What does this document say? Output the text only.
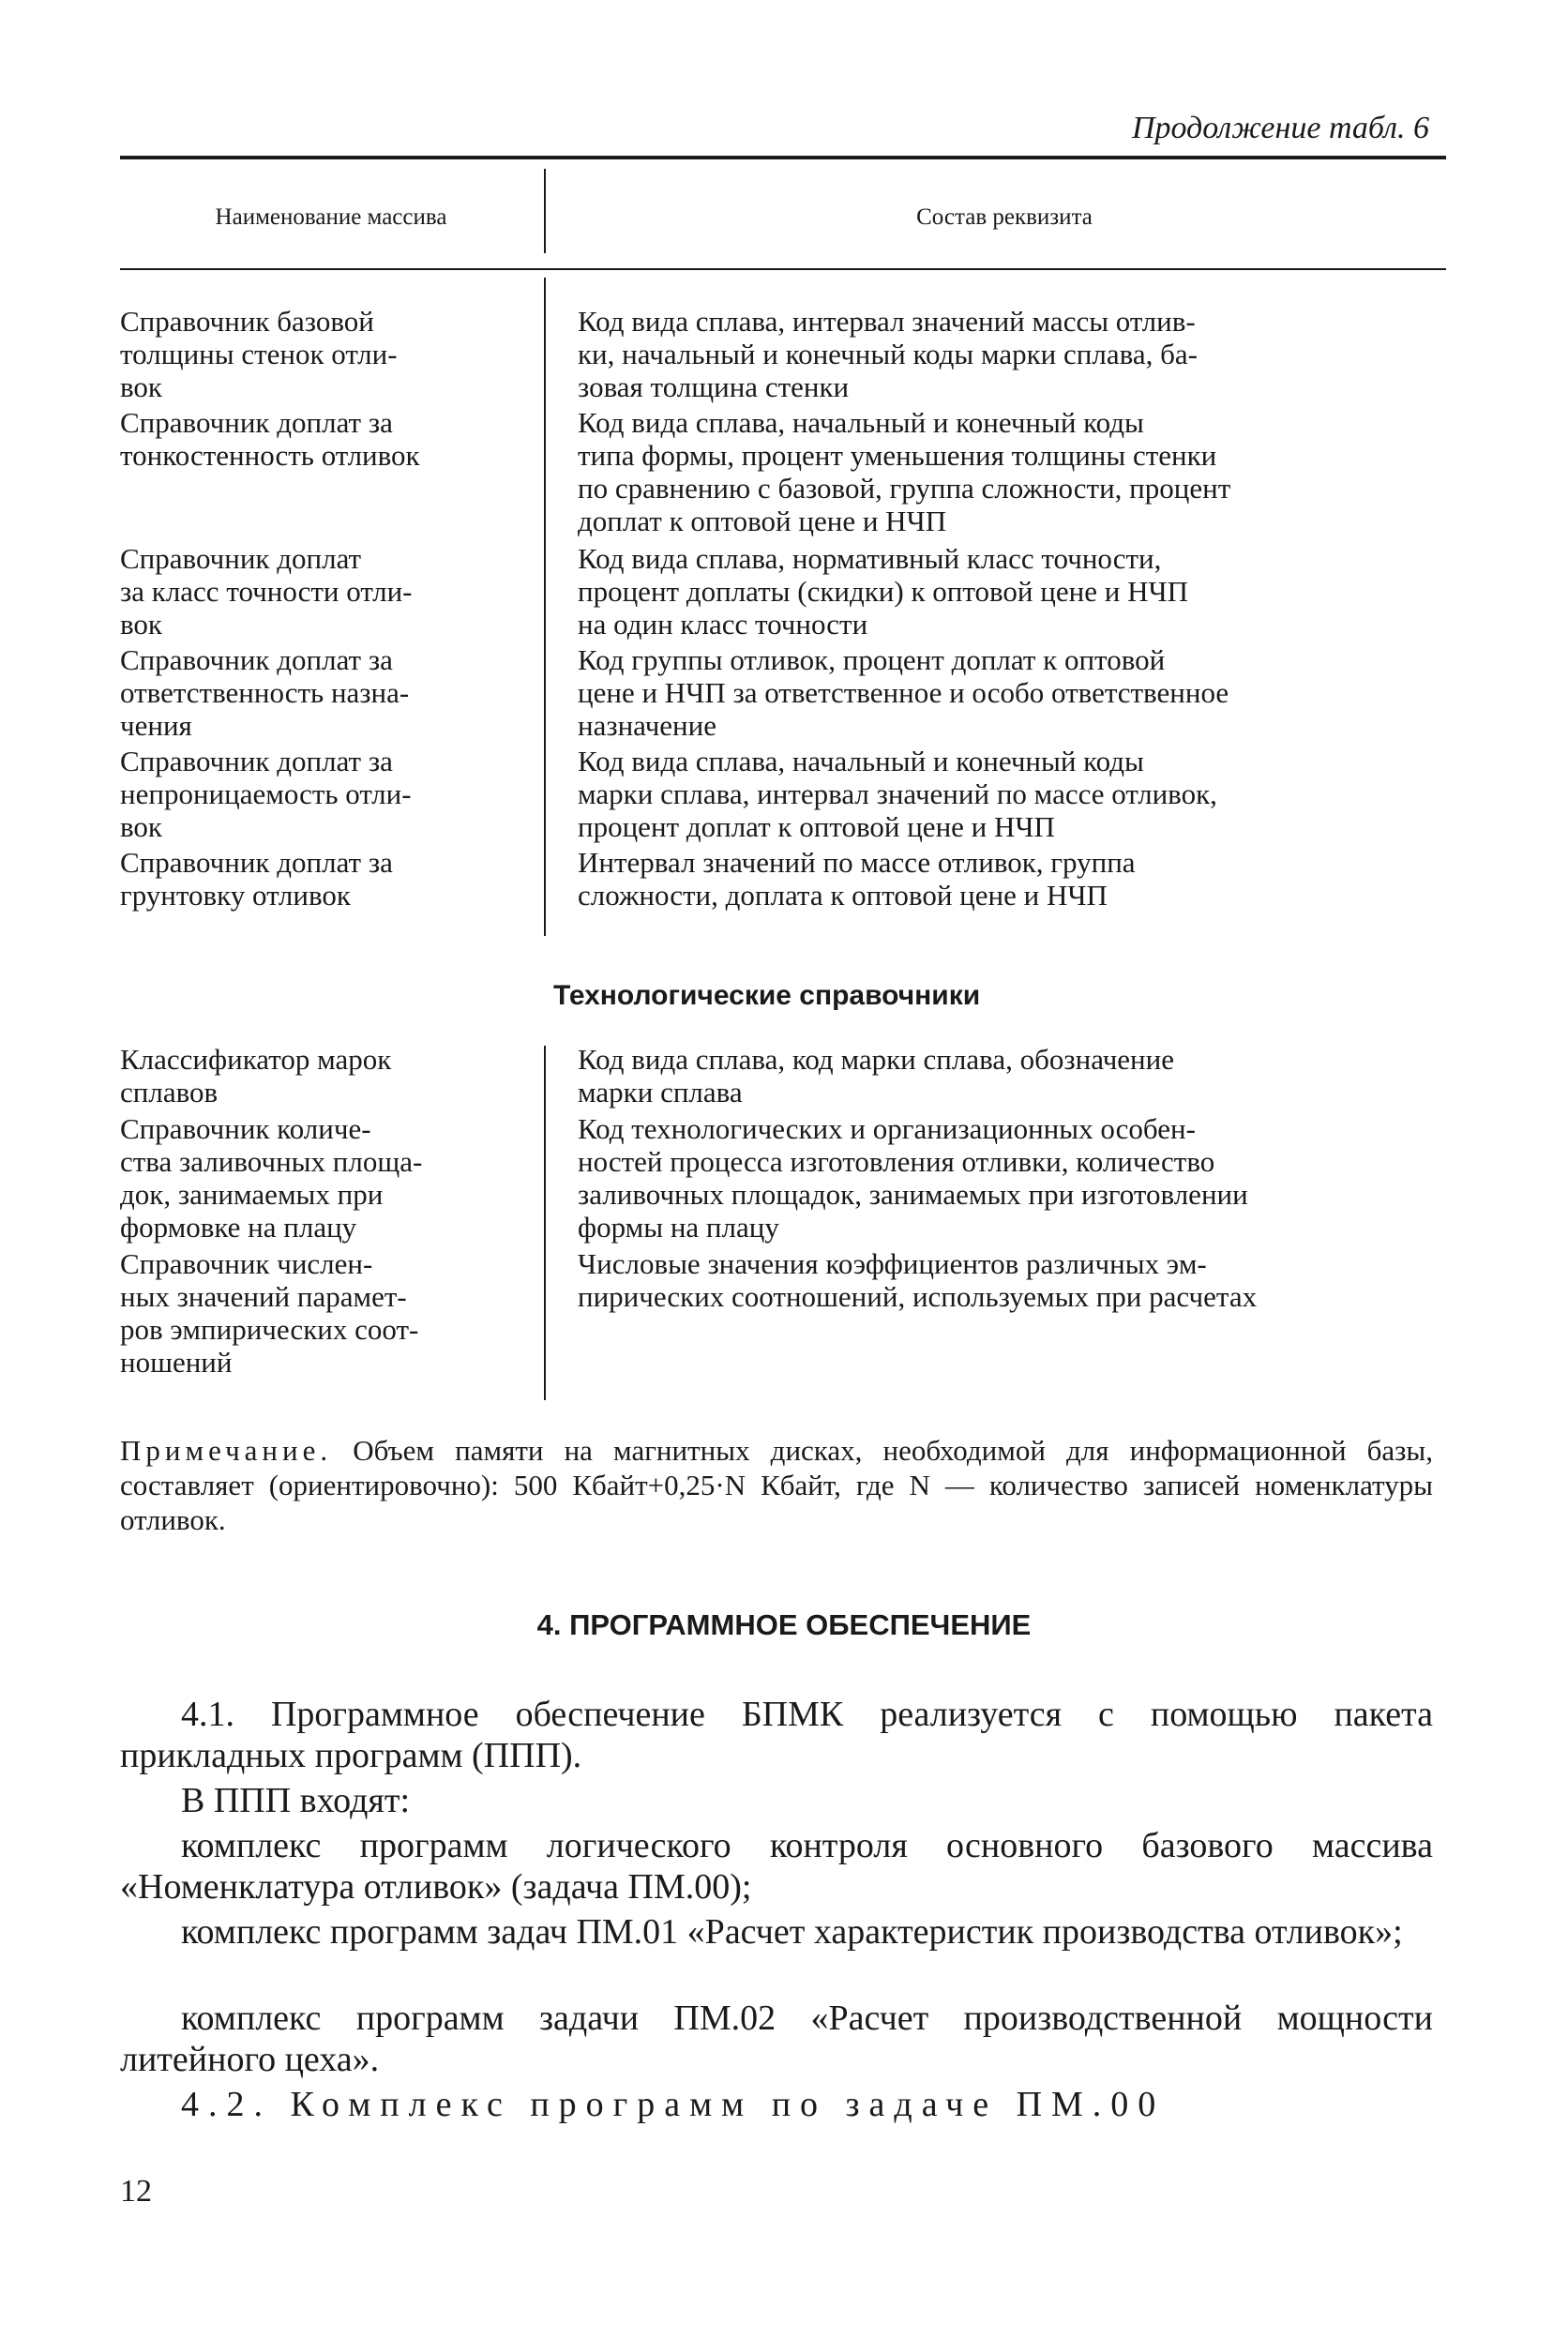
Продолжение табл. 6
Наименование массива	Состав реквизита
Справочник базовой
толщины стенок отли-
вок
Код вида сплава, интервал значений массы отлив-
ки, начальный и конечный коды марки сплава, ба-
зовая толщина стенки
Справочник доплат за
тонкостенность отливок
Код вида сплава, начальный и конечный коды
типа формы, процент уменьшения толщины стенки
по сравнению с базовой, группа сложности, процент
доплат к оптовой цене и НЧП
Справочник доплат
за класс точности отли-
вок
Код вида сплава, нормативный класс точности,
процент доплаты (скидки) к оптовой цене и НЧП
на один класс точности
Справочник доплат за
ответственность назна-
чения
Код группы отливок, процент доплат к оптовой
цене и НЧП за ответственное и особо ответственное
назначение
Справочник доплат за
непроницаемость отли-
вок
Код вида сплава, начальный и конечный коды
марки сплава, интервал значений по массе отливок,
процент доплат к оптовой цене и НЧП
Справочник доплат за
грунтовку отливок
Интервал значений по массе отливок, группа
сложности, доплата к оптовой цене и НЧП
Технологические справочники
Классификатор марок
сплавов
Код вида сплава, код марки сплава, обозначение
марки сплава
Справочник количе-
ства заливочных площа-
док, занимаемых при
формовке на плацу
Код технологических и организационных особен-
ностей процесса изготовления отливки, количество
заливочных площадок, занимаемых при изготовлении
формы на плацу
Справочник числен-
ных значений парамет-
ров эмпирических соот-
ношений
Числовые значения коэффициентов различных эм-
пирических соотношений, используемых при расчетах
Примечание. Объем памяти на магнитных дисках, необходимой для информационной базы, составляет (ориентировочно): 500 Кбайт+0,25·N Кбайт, где N — количество записей номенклатуры отливок.
4. ПРОГРАММНОЕ ОБЕСПЕЧЕНИЕ
4.1. Программное обеспечение БПМК реализуется с помощью пакета прикладных программ (ППП).
В ППП входят:
комплекс программ логического контроля основного базового массива «Номенклатура отливок» (задача ПМ.00);
комплекс программ задач ПМ.01 «Расчет характеристик производства отливок»;
комплекс программ задачи ПМ.02 «Расчет производственной мощности литейного цеха».
4.2. Комплекс программ по задаче ПМ.00
12
